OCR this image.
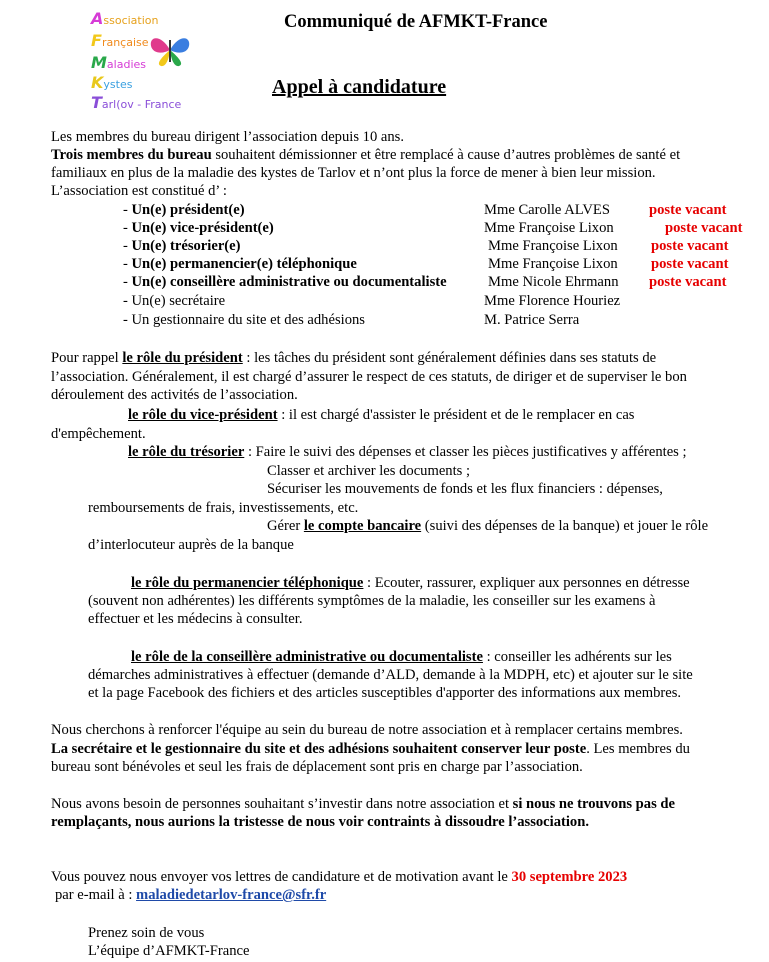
Association
Française
Maladies
Kystes
Tarl(ov - France
Communiqué de AFMKT-France
Appel à candidature
Les membres du bureau dirigent l’association depuis 10 ans.
Trois membres du bureau souhaitent démissionner et être remplacé à cause d’autres problèmes de santé et
familiaux en plus de la maladie des kystes de Tarlov et n’ont plus la force de mener à bien leur mission.
L’association est constitué d’ :
- Un(e) président(e)	Mme Carolle ALVES	poste vacant
- Un(e) vice-président(e)	Mme Françoise Lixon	poste vacant
- Un(e) trésorier(e)	Mme Françoise Lixon poste vacant
- Un(e) permanencier(e) téléphonique	Mme Françoise Lixon poste vacant
- Un(e) conseillère administrative ou documentaliste	Mme Nicole Ehrmann poste vacant
- Un(e) secrétaire	Mme Florence Houriez
- Un gestionnaire du site et des adhésions	M. Patrice Serra
Pour rappel le rôle du président : les tâches du président sont généralement définies dans ses statuts de
l’association. Généralement, il est chargé d’assurer le respect de ces statuts, de diriger et de superviser le bon
déroulement des activités de l’association.
le rôle du vice-président : il est chargé d'assister le président et de le remplacer en cas
d'empêchement.
le rôle du trésorier : Faire le suivi des dépenses et classer les pièces justificatives y afférentes ;
Classer et archiver les documents ;
Sécuriser les mouvements de fonds et les flux financiers : dépenses,
remboursements de frais, investissements, etc.
Gérer le compte bancaire (suivi des dépenses de la banque) et jouer le rôle
d’interlocuteur auprès de la banque
le rôle du permanencier téléphonique : Ecouter, rassurer, expliquer aux personnes en détresse
(souvent non adhérentes) les différents symptômes de la maladie, les conseiller sur les examens à
effectuer et les médecins à consulter.
le rôle de la conseillère administrative ou documentaliste : conseiller les adhérents sur les
démarches administratives à effectuer (demande d’ALD, demande à la MDPH, etc) et ajouter sur le site
et la page Facebook des fichiers et des articles susceptibles d'apporter des informations aux membres.
Nous cherchons à renforcer l'équipe au sein du bureau de notre association et à remplacer certains membres.
La secrétaire et le gestionnaire du site et des adhésions souhaitent conserver leur poste. Les membres du
bureau sont bénévoles et seul les frais de déplacement sont pris en charge par l’association.
Nous avons besoin de personnes souhaitant s’investir dans notre association et si nous ne trouvons pas de
remplaçants, nous aurions la tristesse de nous voir contraints à dissoudre l’association.
Vous pouvez nous envoyer vos lettres de candidature et de motivation avant le 30 septembre 2023
par e-mail à : maladiedetarlov-france@sfr.fr
Prenez soin de vous
L’équipe d’AFMKT-France
